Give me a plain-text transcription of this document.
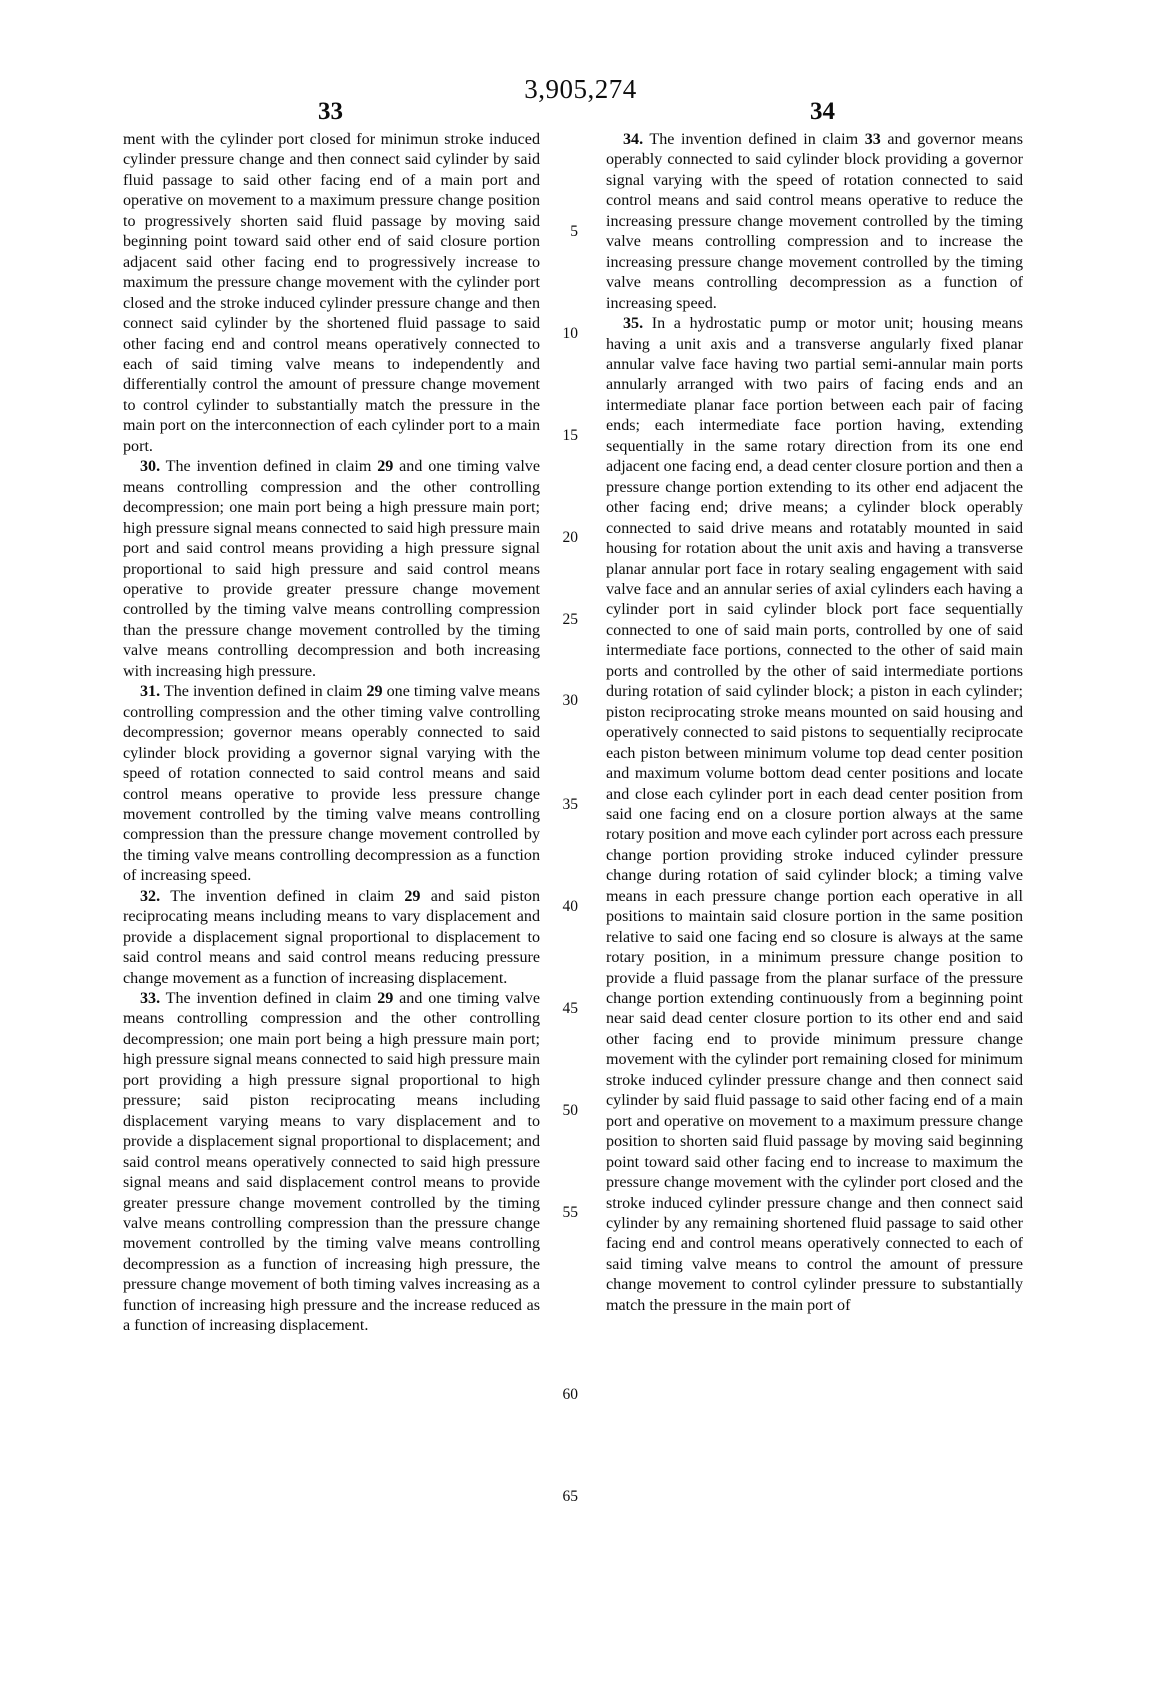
3,905,274
33	34
5
10
15
20
25
30
35
40
45
50
55
60
65

ment with the cylinder port closed for minimun stroke induced cylinder pressure change and then connect said cylinder by said fluid passage to said other facing end of a main port and operative on movement to a maximum pressure change position to progressively shorten said fluid passage by moving said beginning point toward said other end of said closure portion adjacent said other facing end to progressively increase to maximum the pressure change movement with the cylinder port closed and the stroke induced cylinder pressure change and then connect said cylinder by the shortened fluid passage to said other facing end and control means operatively connected to each of said timing valve means to independently and differentially control the amount of pressure change movement to control cylinder to substantially match the pressure in the main port on the interconnection of each cylinder port to a main port.

30. The invention defined in claim 29 and one timing valve means controlling compression and the other controlling decompression; one main port being a high pressure main port; high pressure signal means connected to said high pressure main port and said control means providing a high pressure signal proportional to said high pressure and said control means operative to provide greater pressure change movement controlled by the timing valve means controlling compression than the pressure change movement controlled by the timing valve means controlling decompression and both increasing with increasing high pressure.

31. The invention defined in claim 29 one timing valve means controlling compression and the other timing valve controlling decompression; governor means operably connected to said cylinder block providing a governor signal varying with the speed of rotation connected to said control means and said control means operative to provide less pressure change movement controlled by the timing valve means controlling compression than the pressure change movement controlled by the timing valve means controlling decompression as a function of increasing speed.

32. The invention defined in claim 29 and said piston reciprocating means including means to vary displacement and provide a displacement signal proportional to displacement to said control means and said control means reducing pressure change movement as a function of increasing displacement.

33. The invention defined in claim 29 and one timing valve means controlling compression and the other controlling decompression; one main port being a high pressure main port; high pressure signal means connected to said high pressure main port providing a high pressure signal proportional to high pressure; said piston reciprocating means including displacement varying means to vary displacement and to provide a displacement signal proportional to displacement; and said control means operatively connected to said high pressure signal means and said displacement control means to provide greater pressure change movement controlled by the timing valve means controlling compression than the pressure change movement controlled by the timing valve means controlling decompression as a function of increasing high pressure, the pressure change movement of both timing valves increasing as a function of increasing high pressure and the increase reduced as a function of increasing displacement.

34. The invention defined in claim 33 and governor means operably connected to said cylinder block providing a governor signal varying with the speed of rotation connected to said control means and said control means operative to reduce the increasing pressure change movement controlled by the timing valve means controlling compression and to increase the increasing pressure change movement controlled by the timing valve means controlling decompression as a function of increasing speed.

35. In a hydrostatic pump or motor unit; housing means having a unit axis and a transverse angularly fixed planar annular valve face having two partial semi-annular main ports annularly arranged with two pairs of facing ends and an intermediate planar face portion between each pair of facing ends; each intermediate face portion having, extending sequentially in the same rotary direction from its one end adjacent one facing end, a dead center closure portion and then a pressure change portion extending to its other end adjacent the other facing end; drive means; a cylinder block operably connected to said drive means and rotatably mounted in said housing for rotation about the unit axis and having a transverse planar annular port face in rotary sealing engagement with said valve face and an annular series of axial cylinders each having a cylinder port in said cylinder block port face sequentially connected to one of said main ports, controlled by one of said intermediate face portions, connected to the other of said main ports and controlled by the other of said intermediate portions during rotation of said cylinder block; a piston in each cylinder; piston reciprocating stroke means mounted on said housing and operatively connected to said pistons to sequentially reciprocate each piston between minimum volume top dead center position and maximum volume bottom dead center positions and locate and close each cylinder port in each dead center position from said one facing end on a closure portion always at the same rotary position and move each cylinder port across each pressure change portion providing stroke induced cylinder pressure change during rotation of said cylinder block; a timing valve means in each pressure change portion each operative in all positions to maintain said closure portion in the same position relative to said one facing end so closure is always at the same rotary position, in a minimum pressure change position to provide a fluid passage from the planar surface of the pressure change portion extending continuously from a beginning point near said dead center closure portion to its other end and said other facing end to provide minimum pressure change movement with the cylinder port remaining closed for minimum stroke induced cylinder pressure change and then connect said cylinder by said fluid passage to said other facing end of a main port and operative on movement to a maximum pressure change position to shorten said fluid passage by moving said beginning point toward said other facing end to increase to maximum the pressure change movement with the cylinder port closed and the stroke induced cylinder pressure change and then connect said cylinder by any remaining shortened fluid passage to said other facing end and control means operatively connected to each of said timing valve means to control the amount of pressure change movement to control cylinder pressure to substantially match the pressure in the main port of
